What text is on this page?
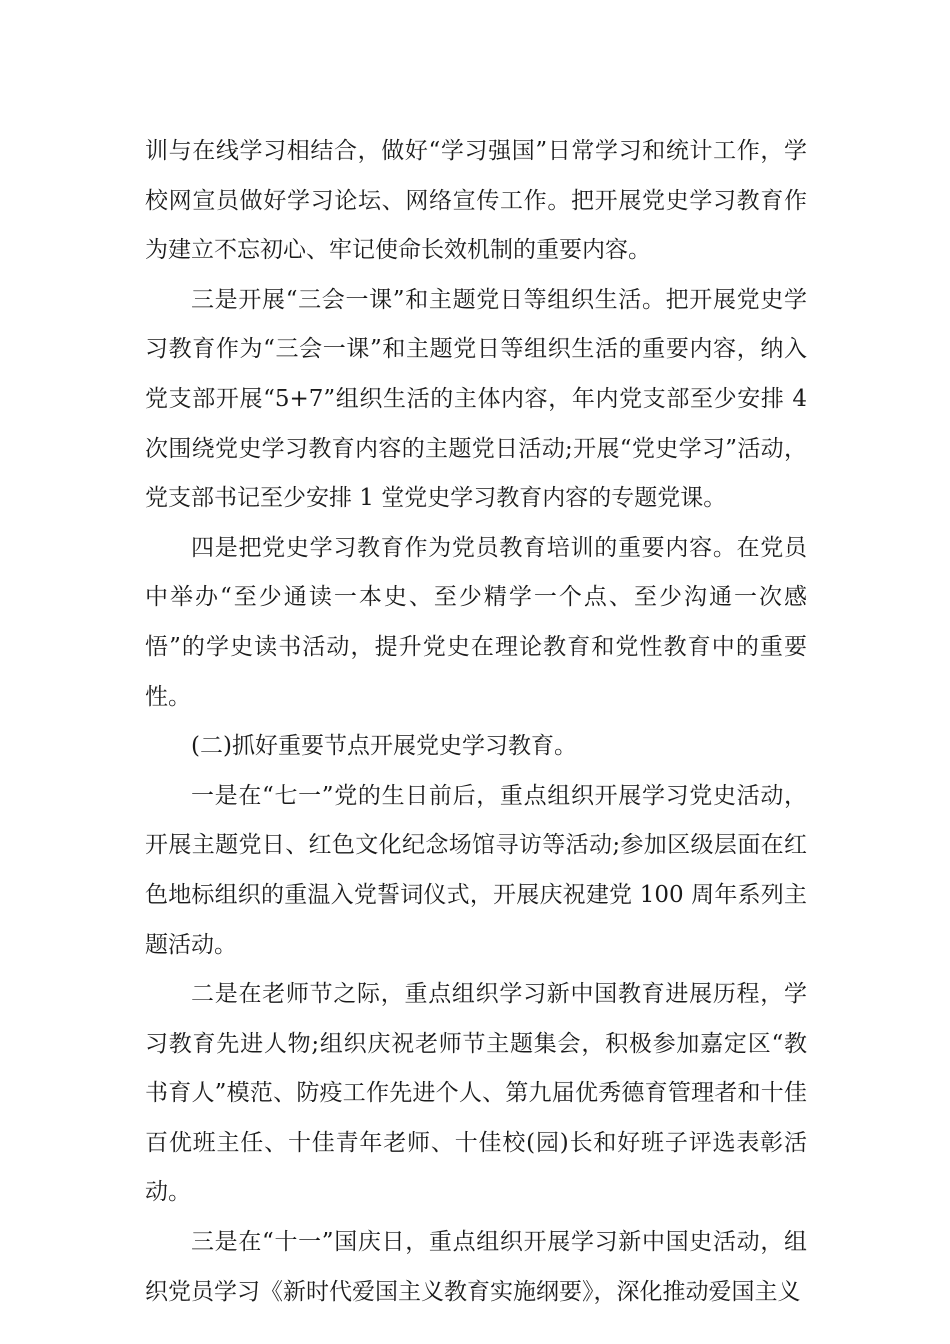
训与在线学习相结合，做好“学习强国”日常学习和统计工作，学校网宣员做好学习论坛、网络宣传工作。把开展党史学习教育作为建立不忘初心、牢记使命长效机制的重要内容。

三是开展“三会一课”和主题党日等组织生活。把开展党史学习教育作为“三会一课”和主题党日等组织生活的重要内容，纳入党支部开展“5+7”组织生活的主体内容，年内党支部至少安排 4 次围绕党史学习教育内容的主题党日活动;开展“党史学习”活动，党支部书记至少安排 1 堂党史学习教育内容的专题党课。

四是把党史学习教育作为党员教育培训的重要内容。在党员中举办“至少通读一本史、至少精学一个点、至少沟通一次感悟”的学史读书活动，提升党史在理论教育和党性教育中的重要性。

(二)抓好重要节点开展党史学习教育。

一是在“七一”党的生日前后，重点组织开展学习党史活动，开展主题党日、红色文化纪念场馆寻访等活动;参加区级层面在红色地标组织的重温入党誓词仪式，开展庆祝建党 100 周年系列主题活动。

二是在老师节之际，重点组织学习新中国教育进展历程，学习教育先进人物;组织庆祝老师节主题集会，积极参加嘉定区“教书育人”模范、防疫工作先进个人、第九届优秀德育管理者和十佳百优班主任、十佳青年老师、十佳校(园)长和好班子评选表彰活动。

三是在“十一”国庆日，重点组织开展学习新中国史活动，组织党员学习《新时代爱国主义教育实施纲要》，深化推动爱国主义
